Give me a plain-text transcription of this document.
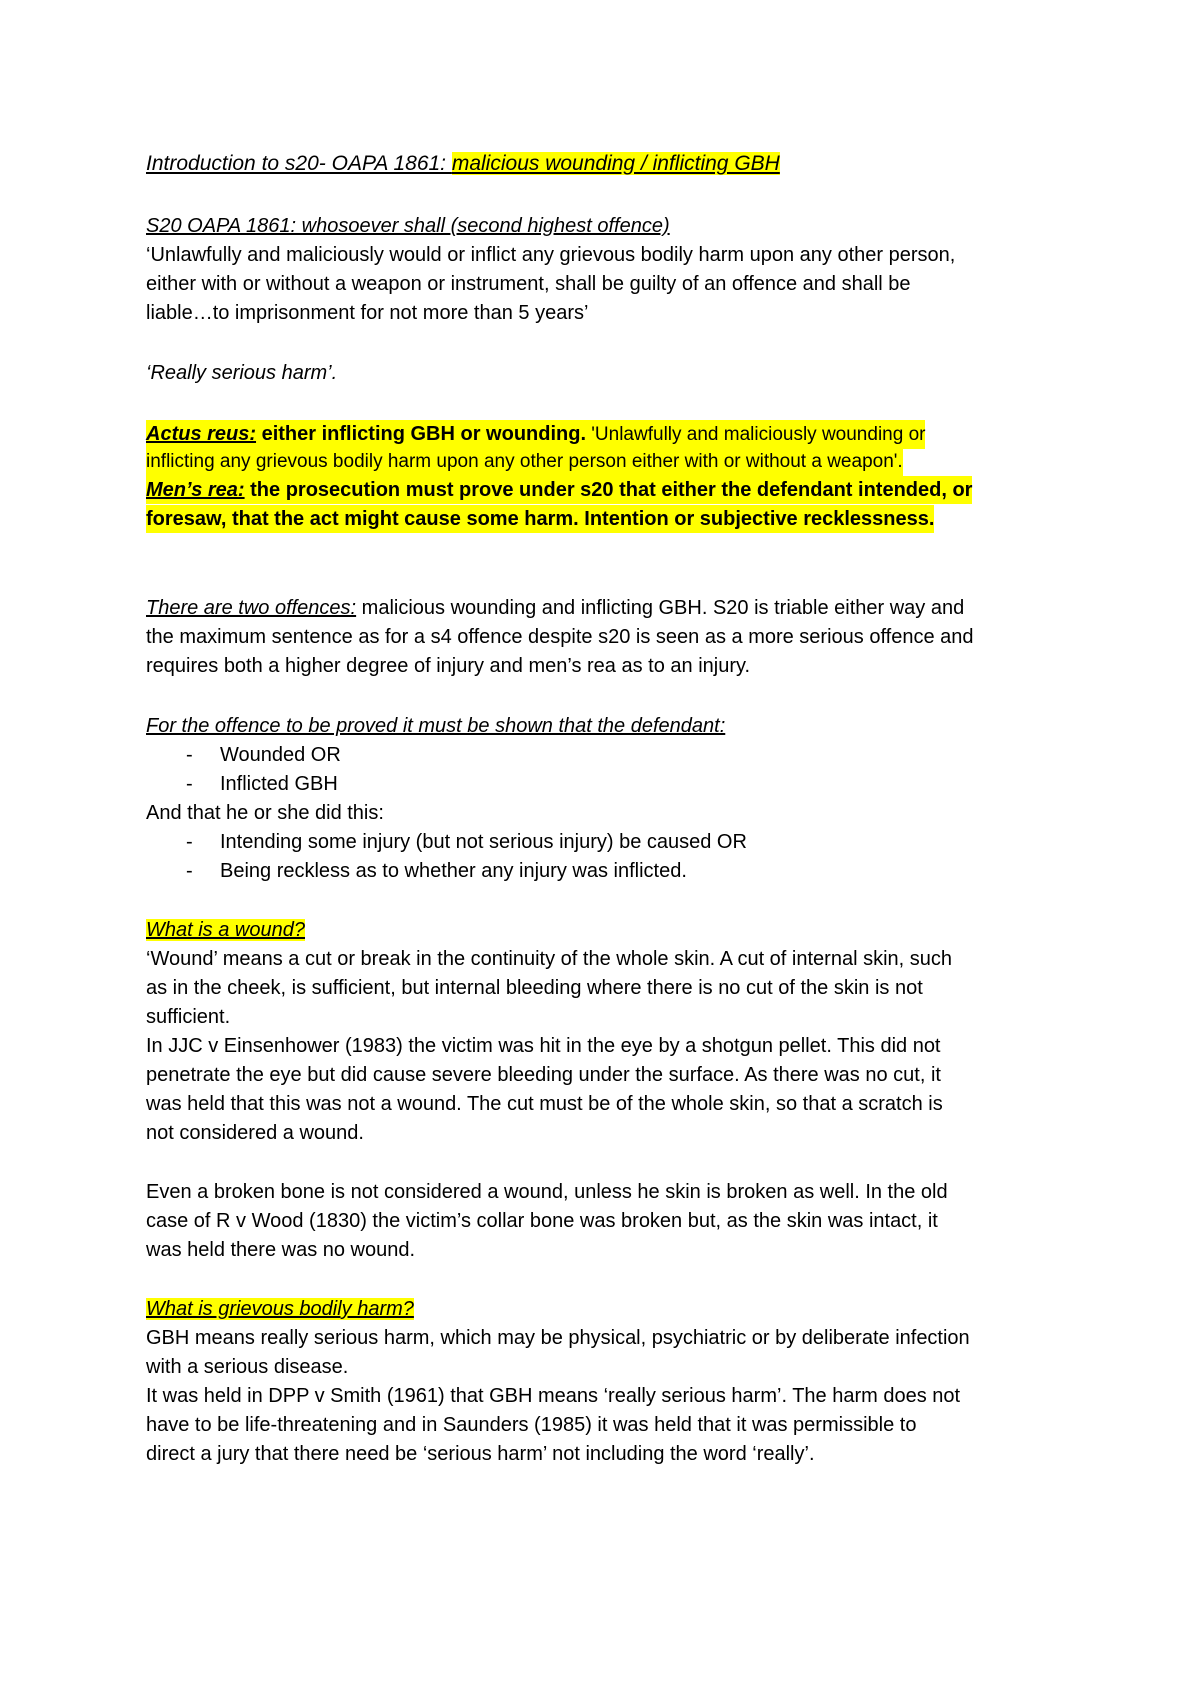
Introduction to s20- OAPA 1861: malicious wounding / inflicting GBH
S20 OAPA 1861: whosoever shall (second highest offence)
‘Unlawfully and maliciously would or inflict any grievous bodily harm upon any other person,
either with or without a weapon or instrument, shall be guilty of an offence and shall be
liable…to imprisonment for not more than 5 years’
‘Really serious harm’.
Actus reus: either inflicting GBH or wounding. 'Unlawfully and maliciously wounding or
inflicting any grievous bodily harm upon any other person either with or without a weapon'.
Men’s rea: the prosecution must prove under s20 that either the defendant intended, or
foresaw, that the act might cause some harm. Intention or subjective recklessness.
There are two offences: malicious wounding and inflicting GBH. S20 is triable either way and
the maximum sentence as for a s4 offence despite s20 is seen as a more serious offence and
requires both a higher degree of injury and men’s rea as to an injury.
For the offence to be proved it must be shown that the defendant:
- Wounded OR
- Inflicted GBH
And that he or she did this:
- Intending some injury (but not serious injury) be caused OR
- Being reckless as to whether any injury was inflicted.
What is a wound?
‘Wound’ means a cut or break in the continuity of the whole skin. A cut of internal skin, such
as in the cheek, is sufficient, but internal bleeding where there is no cut of the skin is not
sufficient.
In JJC v Einsenhower (1983) the victim was hit in the eye by a shotgun pellet. This did not
penetrate the eye but did cause severe bleeding under the surface. As there was no cut, it
was held that this was not a wound. The cut must be of the whole skin, so that a scratch is
not considered a wound.
Even a broken bone is not considered a wound, unless he skin is broken as well. In the old
case of R v Wood (1830) the victim’s collar bone was broken but, as the skin was intact, it
was held there was no wound.
What is grievous bodily harm?
GBH means really serious harm, which may be physical, psychiatric or by deliberate infection
with a serious disease.
It was held in DPP v Smith (1961) that GBH means ‘really serious harm’. The harm does not
have to be life-threatening and in Saunders (1985) it was held that it was permissible to
direct a jury that there need be ‘serious harm’ not including the word ‘really’.
